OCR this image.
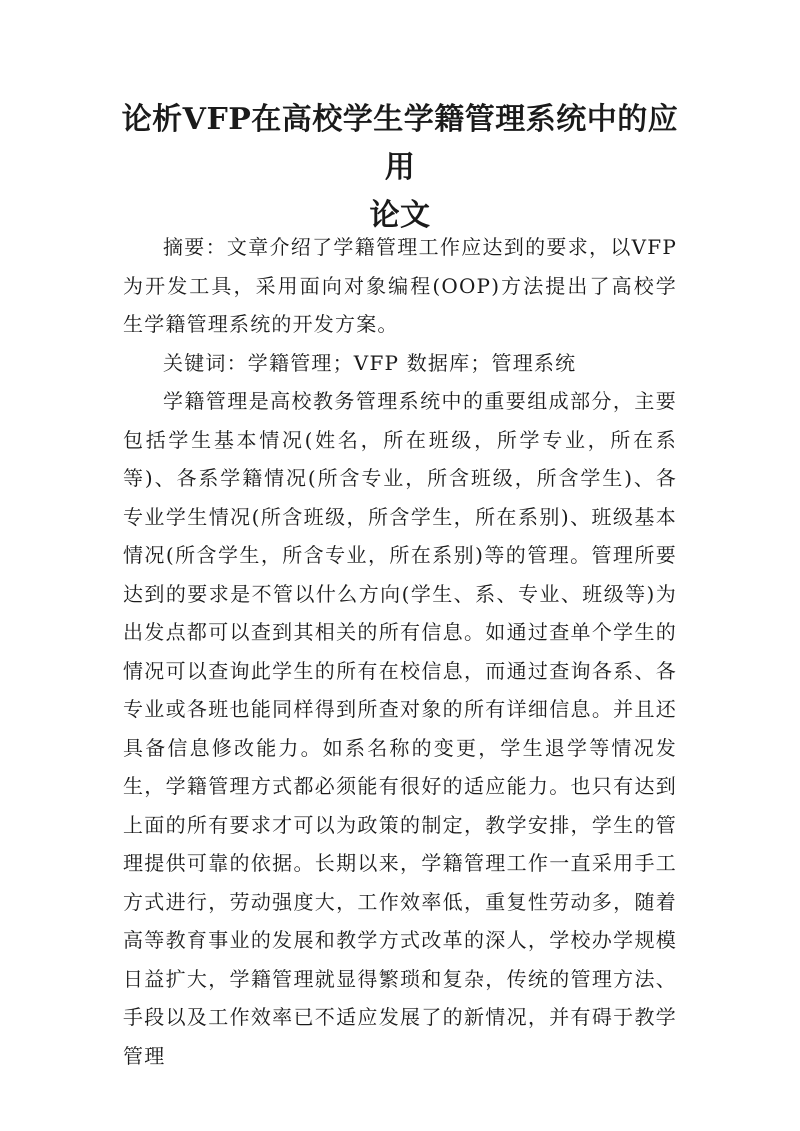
论析VFP在高校学生学籍管理系统中的应用
论文

摘要：文章介绍了学籍管理工作应达到的要求，以VFP为开发工具，采用面向对象编程(OOP)方法提出了高校学生学籍管理系统的开发方案。

关键词：学籍管理；VFP 数据库；管理系统

学籍管理是高校教务管理系统中的重要组成部分，主要包括学生基本情况(姓名，所在班级，所学专业，所在系等)、各系学籍情况(所含专业，所含班级，所含学生)、各专业学生情况(所含班级，所含学生，所在系别)、班级基本情况(所含学生，所含专业，所在系别)等的管理。管理所要达到的要求是不管以什么方向(学生、系、专业、班级等)为出发点都可以查到其相关的所有信息。如通过查单个学生的情况可以查询此学生的所有在校信息，而通过查询各系、各专业或各班也能同样得到所查对象的所有详细信息。并且还具备信息修改能力。如系名称的变更，学生退学等情况发生，学籍管理方式都必须能有很好的适应能力。也只有达到上面的所有要求才可以为政策的制定，教学安排，学生的管理提供可靠的依据。长期以来，学籍管理工作一直采用手工方式进行，劳动强度大，工作效率低，重复性劳动多，随着高等教育事业的发展和教学方式改革的深人，学校办学规模日益扩大，学籍管理就显得繁琐和复杂，传统的管理方法、手段以及工作效率已不适应发展了的新情况，并有碍于教学管理
